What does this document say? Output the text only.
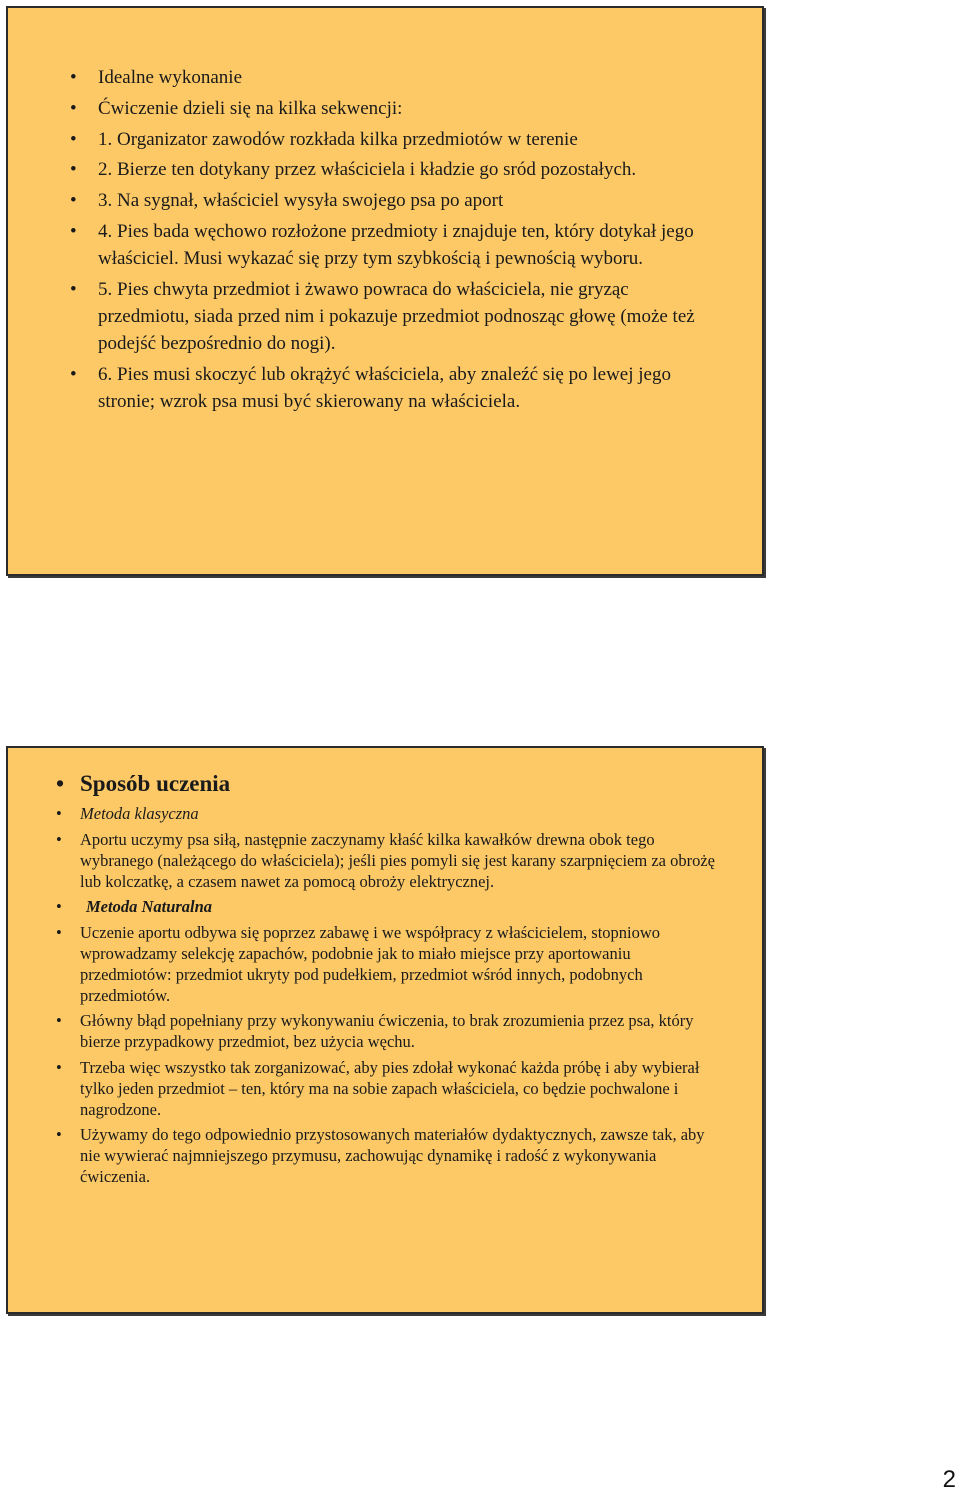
• Idealne wykonanie
• Ćwiczenie dzieli się na kilka sekwencji:
• 1. Organizator zawodów rozkłada kilka przedmiotów w terenie
• 2. Bierze ten dotykany przez właściciela i kładzie go sród pozostałych.
• 3. Na sygnał, właściciel wysyła swojego psa po aport
• 4. Pies bada węchowo rozłożone przedmioty i znajduje ten, który dotykał jego właściciel. Musi wykazać się przy tym szybkością i pewnością wyboru.
• 5. Pies chwyta przedmiot i żwawo powraca do właściciela, nie gryząc przedmiotu, siada przed nim i pokazuje przedmiot podnosząc głowę (może też podejść bezpośrednio do nogi).
• 6. Pies musi skoczyć lub okrążyć właściciela, aby znaleźć się po lewej jego stronie; wzrok psa musi być skierowany na właściciela.
• Sposób uczenia
• Metoda klasyczna
• Aportu uczymy psa siłą, następnie zaczynamy kłaść kilka kawałków drewna obok tego wybranego (należącego do właściciela); jeśli pies pomyli się jest karany szarpnięciem za obrożę lub kolczatkę, a czasem nawet za pomocą obroży elektrycznej.
• Metoda Naturalna
• Uczenie aportu odbywa się poprzez zabawę i we współpracy z właścicielem, stopniowo wprowadzamy selekcję zapachów, podobnie jak to miało miejsce przy aportowaniu przedmiotów: przedmiot ukryty pod pudełkiem, przedmiot wśród innych, podobnych przedmiotów.
• Główny błąd popełniany przy wykonywaniu ćwiczenia, to brak zrozumienia przez psa, który bierze przypadkowy przedmiot, bez użycia węchu.
• Trzeba więc wszystko tak zorganizować, aby pies zdołał wykonać każda próbę i aby wybierał tylko jeden przedmiot – ten, który ma na sobie zapach właściciela, co będzie pochwalone i nagrodzone.
• Używamy do tego odpowiednio przystosowanych materiałów dydaktycznych, zawsze tak, aby nie wywierać najmniejszego przymusu, zachowując dynamikę i radość z wykonywania ćwiczenia.
2
